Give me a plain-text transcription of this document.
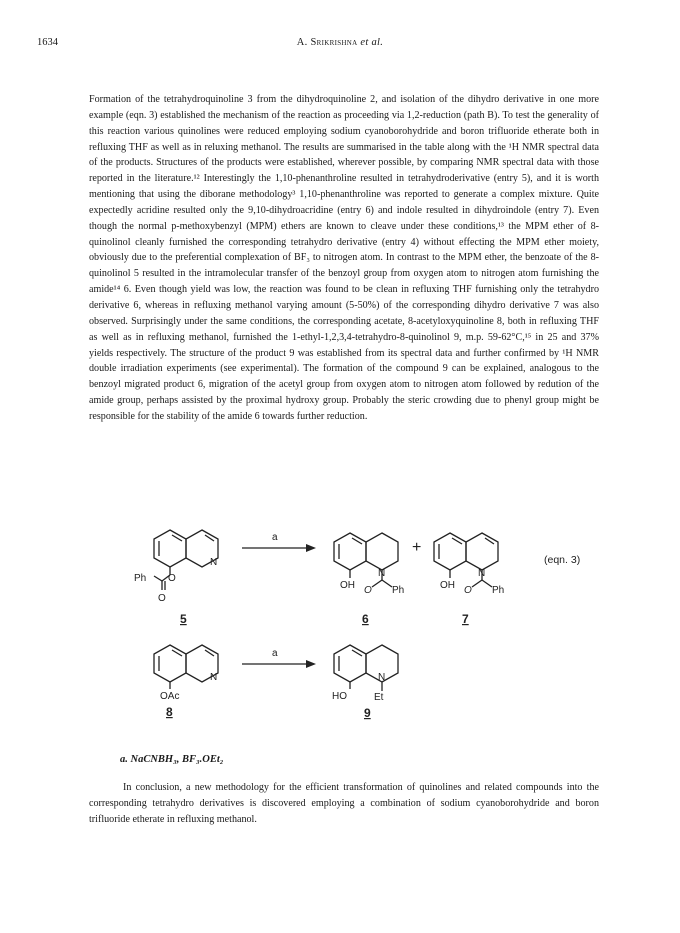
1634	A. Srikrishna et al.

Formation of the tetrahydroquinoline 3 from the dihydroquinoline 2, and isolation of the dihydro derivative in one more example (eqn. 3) established the mechanism of the reaction as proceeding via 1,2-reduction (path B). To test the generality of this reaction various quinolines were reduced employing sodium cyanoborohydride and boron trifluoride etherate both in refluxing THF as well as in reluxing methanol. The results are summarised in the table along with the ¹H NMR spectral data of the products. Structures of the products were established, wherever possible, by comparing NMR spectral data with those reported in the literature.¹² Interestingly the 1,10-phenanthroline resulted in tetrahydroderivative (entry 5), and it is worth mentioning that using the diborane methodology³ 1,10-phenanthroline was reported to generate a complex mixture. Quite expectedly acridine resulted only the 9,10-dihydroacridine (entry 6) and indole resulted in dihydroindole (entry 7). Even though the normal p-methoxybenzyl (MPM) ethers are known to cleave under these conditions,¹³ the MPM ether of 8-quinolinol cleanly furnished the corresponding tetrahydro derivative (entry 4) without effecting the MPM ether moiety, obviously due to the preferential complexation of BF₃ to nitrogen atom. In contrast to the MPM ether, the benzoate of the 8-quinolinol 5 resulted in the intramolecular transfer of the benzoyl group from oxygen atom to nitrogen atom furnishing the amide¹⁴ 6. Even though yield was low, the reaction was found to be clean in refluxing THF furnishing only the tetrahydro derivative 6, whereas in refluxing methanol varying amount (5-50%) of the corresponding dihydro derivative 7 was also observed. Surprisingly under the same conditions, the corresponding acetate, 8-acetyloxyquinoline 8, both in refluxing THF as well as in refluxing methanol, furnished the 1-ethyl-1,2,3,4-tetrahydro-8-quinolinol 9, m.p. 59-62°C,¹⁵ in 25 and 37% yields respectively. The structure of the product 9 was established from its spectral data and further confirmed by ¹H NMR double irradiation experiments (see experimental). The formation of the compound 9 can be explained, analogous to the benzoyl migrated product 6, migration of the acetyl group from oxygen atom to nitrogen atom followed by redution of the amide group, perhaps assisted by the proximal hydroxy group. Probably the steric crowding due to phenyl group might be responsible for the stability of the amide 6 towards further reduction.

N
O
Ph
O
5
a
N
OH O Ph
6
+
N
OH O Ph
7
(eqn. 3)
N
OAc
8
a
N
HO	Et
9
a. NaCNBH₃, BF₃.OEt₂

In conclusion, a new methodology for the efficient transformation of quinolines and related compounds into the corresponding tetrahydro derivatives is discovered employing a combination of sodium cyanoborohydride and boron trifluoride etherate in refluxing methanol.
